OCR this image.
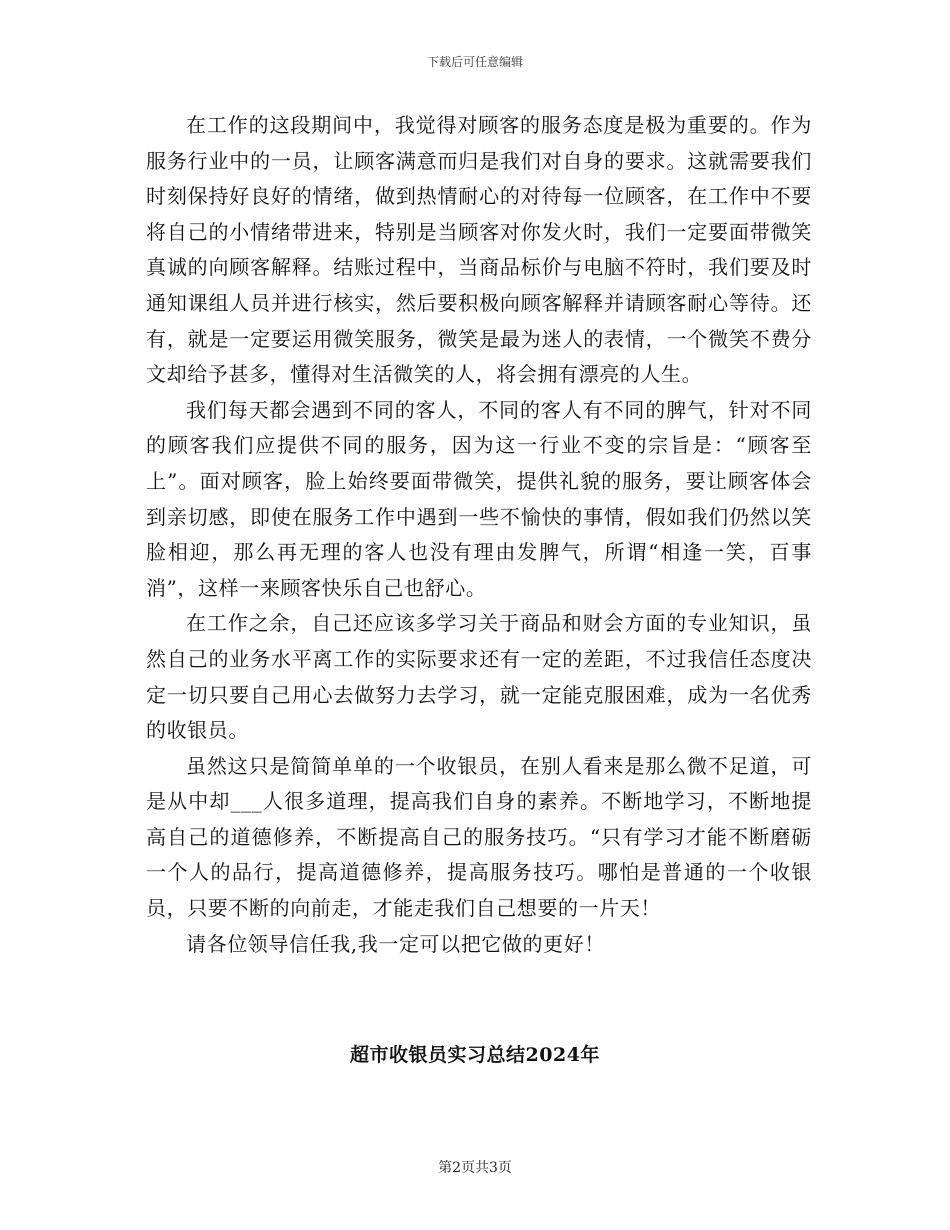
下载后可任意编辑

在工作的这段期间中，我觉得对顾客的服务态度是极为重要的。作为服务行业中的一员，让顾客满意而归是我们对自身的要求。这就需要我们时刻保持好良好的情绪，做到热情耐心的对待每一位顾客，在工作中不要将自己的小情绪带进来，特别是当顾客对你发火时，我们一定要面带微笑真诚的向顾客解释。结账过程中，当商品标价与电脑不符时，我们要及时通知课组人员并进行核实，然后要积极向顾客解释并请顾客耐心等待。还有，就是一定要运用微笑服务，微笑是最为迷人的表情，一个微笑不费分文却给予甚多，懂得对生活微笑的人，将会拥有漂亮的人生。

我们每天都会遇到不同的客人，不同的客人有不同的脾气，针对不同的顾客我们应提供不同的服务，因为这一行业不变的宗旨是：“顾客至上”。面对顾客，脸上始终要面带微笑，提供礼貌的服务，要让顾客体会到亲切感，即使在服务工作中遇到一些不愉快的事情，假如我们仍然以笑脸相迎，那么再无理的客人也没有理由发脾气，所谓“相逢一笑，百事消”，这样一来顾客快乐自己也舒心。

在工作之余，自己还应该多学习关于商品和财会方面的专业知识，虽然自己的业务水平离工作的实际要求还有一定的差距，不过我信任态度决定一切只要自己用心去做努力去学习，就一定能克服困难，成为一名优秀的收银员。

虽然这只是简简单单的一个收银员，在别人看来是那么微不足道，可是从中却___人很多道理，提高我们自身的素养。不断地学习，不断地提高自己的道德修养，不断提高自己的服务技巧。“只有学习才能不断磨砺一个人的品行，提高道德修养，提高服务技巧。哪怕是普通的一个收银员，只要不断的向前走，才能走我们自己想要的一片天！

请各位领导信任我,我一定可以把它做的更好！

超市收银员实习总结2024年
第2页共3页
